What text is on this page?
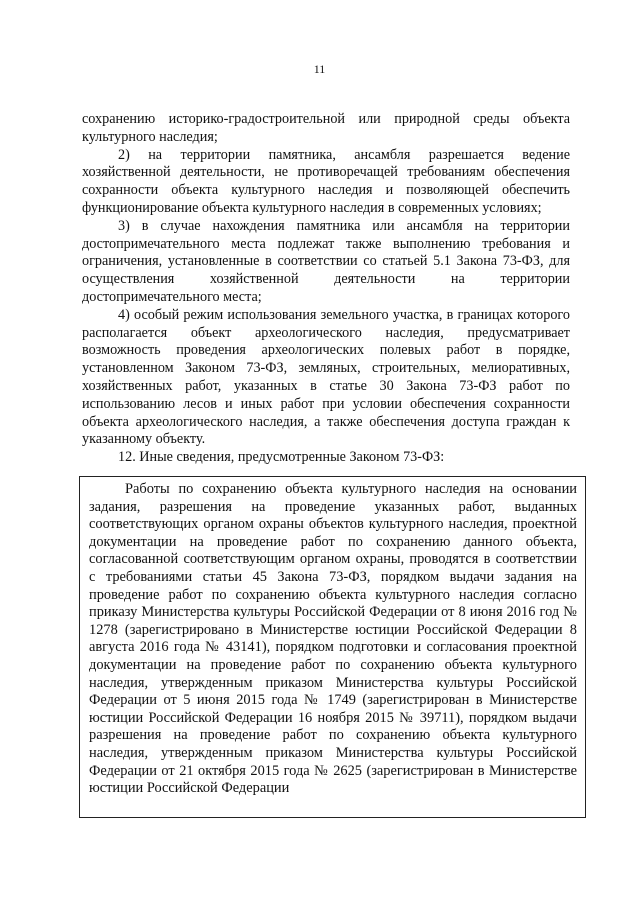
11

сохранению историко-градостроительной или природной среды объекта культурного наследия;

2) на территории памятника, ансамбля разрешается ведение хозяйственной деятельности, не противоречащей требованиям обеспечения сохранности объекта культурного наследия и позволяющей обеспечить функционирование объекта культурного наследия в современных условиях;

3) в случае нахождения памятника или ансамбля на территории достопримечательного места подлежат также выполнению требования и ограничения, установленные в соответствии со статьей 5.1 Закона 73-ФЗ, для осуществления хозяйственной деятельности на территории достопримечательного места;

4) особый режим использования земельного участка, в границах которого располагается объект археологического наследия, предусматривает возможность проведения археологических полевых работ в порядке, установленном Законом 73-ФЗ, земляных, строительных, мелиоративных, хозяйственных работ, указанных в статье 30 Закона 73-ФЗ работ по использованию лесов и иных работ при условии обеспечения сохранности объекта археологического наследия, а также обеспечения доступа граждан к указанному объекту.

12. Иные сведения, предусмотренные Законом 73-ФЗ:

Работы по сохранению объекта культурного наследия на основании задания, разрешения на проведение указанных работ, выданных соответствующих органом охраны объектов культурного наследия, проектной документации на проведение работ по сохранению данного объекта, согласованной соответствующим органом охраны, проводятся в соответствии с требованиями статьи 45 Закона 73-ФЗ, порядком выдачи задания на проведение работ по сохранению объекта культурного наследия согласно приказу Министерства культуры Российской Федерации от 8 июня 2016 год № 1278 (зарегистрировано в Министерстве юстиции Российской Федерации 8 августа 2016 года № 43141), порядком подготовки и согласования проектной документации на проведение работ по сохранению объекта культурного наследия, утвержденным приказом Министерства культуры Российской Федерации от 5 июня 2015 года № 1749 (зарегистрирован в Министерстве юстиции Российской Федерации 16 ноября 2015 № 39711), порядком выдачи разрешения на проведение работ по сохранению объекта культурного наследия, утвержденным приказом Министерства культуры Российской Федерации от 21 октября 2015 года № 2625 (зарегистрирован в Министерстве юстиции Российской Федерации
